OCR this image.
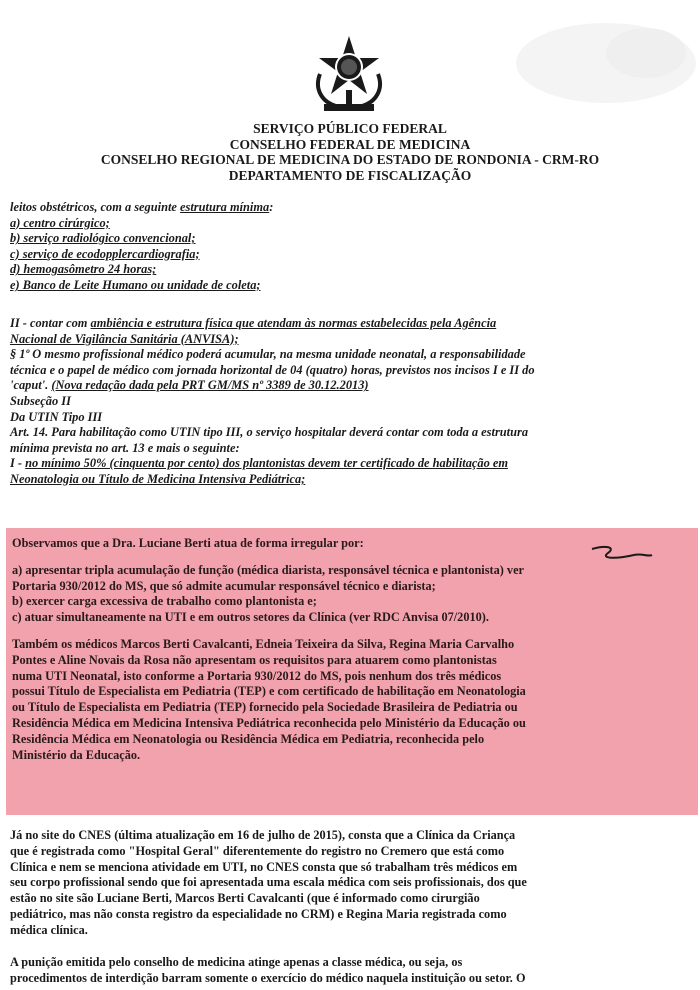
SERVIÇO PÚBLICO FEDERAL
CONSELHO FEDERAL DE MEDICINA
CONSELHO REGIONAL DE MEDICINA DO ESTADO DE RONDONIA - CRM-RO
DEPARTAMENTO DE FISCALIZAÇÃO
leitos obstétricos, com a seguinte estrutura mínima:
a) centro cirúrgico;
b) serviço radiológico convencional;
c) serviço de ecodopplercardiografia;
d) hemogasômetro 24 horas;
e) Banco de Leite Humano ou unidade de coleta;
II - contar com ambiência e estrutura física que atendam às normas estabelecidas pela Agência
Nacional de Vigilância Sanitária (ANVISA);
§ 1º O mesmo profissional médico poderá acumular, na mesma unidade neonatal, a responsabilidade
técnica e o papel de médico com jornada horizontal de 04 (quatro) horas, previstos nos incisos I e II do
'caput'. (Nova redação dada pela PRT GM/MS nº 3389 de 30.12.2013)
Subseção II
Da UTIN Tipo III
Art. 14. Para habilitação como UTIN tipo III, o serviço hospitalar deverá contar com toda a estrutura
mínima prevista no art. 13 e mais o seguinte:
I - no mínimo 50% (cinquenta por cento) dos plantonistas devem ter certificado de habilitação em
Neonatologia ou Título de Medicina Intensiva Pediátrica;
Observamos que a Dra. Luciane Berti atua de forma irregular por:
a) apresentar tripla acumulação de função (médica diarista, responsável técnica e plantonista) ver
Portaria 930/2012 do MS, que só admite acumular responsável técnico e diarista;
b) exercer carga excessiva de trabalho como plantonista e;
c) atuar simultaneamente na UTI e em outros setores da Clínica (ver RDC Anvisa 07/2010).
Também os médicos Marcos Berti Cavalcanti, Edneia Teixeira da Silva, Regina Maria Carvalho
Pontes e Aline Novais da Rosa não apresentam os requisitos para atuarem como plantonistas
numa UTI Neonatal, isto conforme a Portaria 930/2012 do MS, pois nenhum dos três médicos
possui Título de Especialista em Pediatria (TEP) e com certificado de habilitação em Neonatologia
ou Título de Especialista em Pediatria (TEP) fornecido pela Sociedade Brasileira de Pediatria ou
Residência Médica em Medicina Intensiva Pediátrica reconhecida pelo Ministério da Educação ou
Residência Médica em Neonatologia ou Residência Médica em Pediatria, reconhecida pelo
Ministério da Educação.
Já no site do CNES (última atualização em 16 de julho de 2015), consta que a Clínica da Criança
que é registrada como "Hospital Geral" diferentemente do registro no Cremero que está como
Clínica e nem se menciona atividade em UTI, no CNES consta que só trabalham três médicos em
seu corpo profissional sendo que foi apresentada uma escala médica com seis profissionais, dos que
estão no site são Luciane Berti, Marcos Berti Cavalcanti (que é informado como cirurgião
pediátrico, mas não consta registro da especialidade no CRM) e Regina Maria registrada como
médica clínica.
A punição emitida pelo conselho de medicina atinge apenas a classe médica, ou seja, os
procedimentos de interdição barram somente o exercício do médico naquela instituição ou setor. O
